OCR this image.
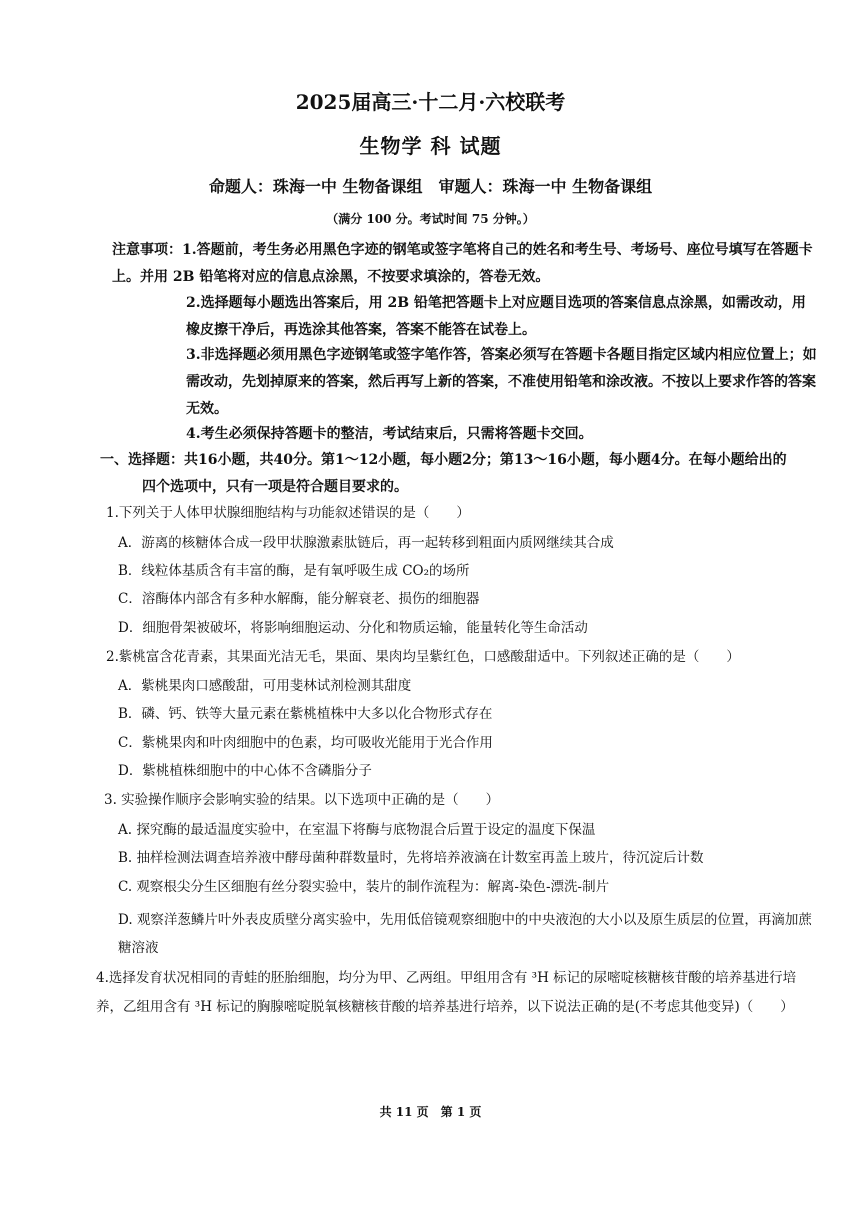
2025届高三·十二月·六校联考
生物学 科 试题
命题人：珠海一中 生物备课组　审题人：珠海一中 生物备课组
（满分 100 分。考试时间 75 分钟。）
注意事项：1.答题前，考生务必用黑色字迹的钢笔或签字笔将自己的姓名和考生号、考场号、座位号填写在答题卡上。并用 2B 铅笔将对应的信息点涂黑，不按要求填涂的，答卷无效。
2.选择题每小题选出答案后，用 2B 铅笔把答题卡上对应题目选项的答案信息点涂黑，如需改动，用橡皮擦干净后，再选涂其他答案，答案不能答在试卷上。
3.非选择题必须用黑色字迹钢笔或签字笔作答，答案必须写在答题卡各题目指定区域内相应位置上；如需改动，先划掉原来的答案，然后再写上新的答案，不准使用铅笔和涂改液。不按以上要求作答的答案无效。
4.考生必须保持答题卡的整洁，考试结束后，只需将答题卡交回。
一、选择题：共16小题，共40分。第1～12小题，每小题2分；第13～16小题，每小题4分。在每小题给出的
四个选项中，只有一项是符合题目要求的。
1.下列关于人体甲状腺细胞结构与功能叙述错误的是（　　）
A．游离的核糖体合成一段甲状腺激素肽链后，再一起转移到粗面内质网继续其合成
B．线粒体基质含有丰富的酶，是有氧呼吸生成 CO₂的场所
C．溶酶体内部含有多种水解酶，能分解衰老、损伤的细胞器
D．细胞骨架被破坏，将影响细胞运动、分化和物质运输，能量转化等生命活动
2.紫桃富含花青素，其果面光洁无毛，果面、果肉均呈紫红色，口感酸甜适中。下列叙述正确的是（　　）
A．紫桃果肉口感酸甜，可用斐林试剂检测其甜度
B．磷、钙、铁等大量元素在紫桃植株中大多以化合物形式存在
C．紫桃果肉和叶肉细胞中的色素，均可吸收光能用于光合作用
D．紫桃植株细胞中的中心体不含磷脂分子
3. 实验操作顺序会影响实验的结果。以下选项中正确的是（　　）
A. 探究酶的最适温度实验中，在室温下将酶与底物混合后置于设定的温度下保温
B. 抽样检测法调查培养液中酵母菌种群数量时，先将培养液滴在计数室再盖上玻片，待沉淀后计数
C. 观察根尖分生区细胞有丝分裂实验中，装片的制作流程为：解离-染色-漂洗-制片
D. 观察洋葱鳞片叶外表皮质壁分离实验中，先用低倍镜观察细胞中的中央液泡的大小以及原生质层的位置，再滴加蔗糖溶液
4.选择发育状况相同的青蛙的胚胎细胞，均分为甲、乙两组。甲组用含有 ³H 标记的尿嘧啶核糖核苷酸的培养基进行培养，乙组用含有 ³H 标记的胸腺嘧啶脱氧核糖核苷酸的培养基进行培养，以下说法正确的是(不考虑其他变异)（　　）
共 11 页　第 1 页
